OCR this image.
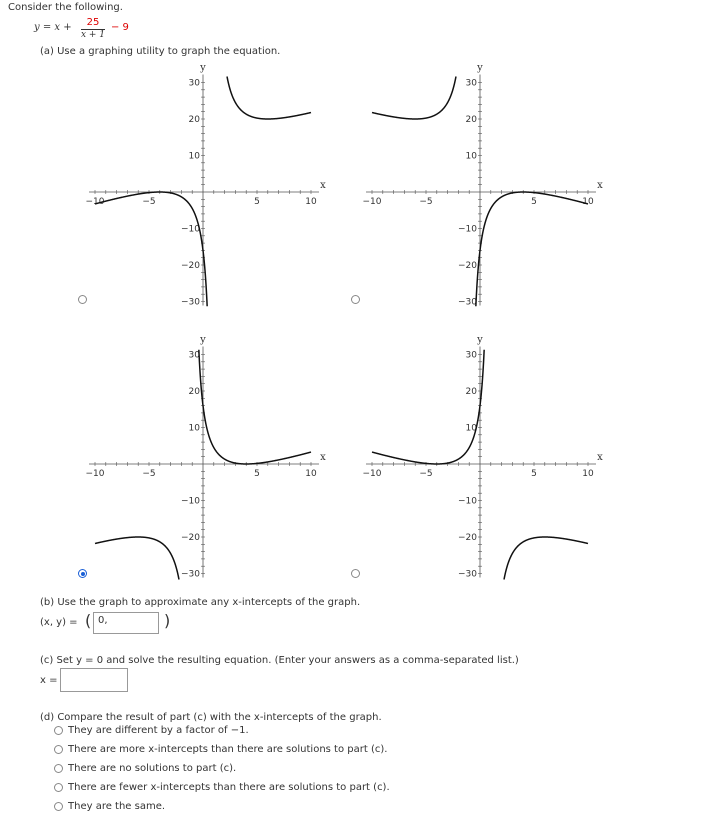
Consider the following.
y = x +	25
x + 1
− 9
(a) Use a graphing utility to graph the equation.
−10	−5	5	10
30
20
10
−10
−20
−30
x
y
−10	−5	5	10
30
20
10
−10
−20
−30
x
y
−10	−5	5	10
30
20
10
−10
−20
−30
x
y
−10	−5	5	10
30
20
10
−10
−20
−30
x
y
(b) Use the graph to approximate any x-intercepts of the graph.
(x, y) = ( 0,	)
(c) Set y = 0 and solve the resulting equation. (Enter your answers as a comma-separated list.)
x =
(d) Compare the result of part (c) with the x-intercepts of the graph.
They are different by a factor of −1.
There are more x-intercepts than there are solutions to part (c).
There are no solutions to part (c).
There are fewer x-intercepts than there are solutions to part (c).
They are the same.
